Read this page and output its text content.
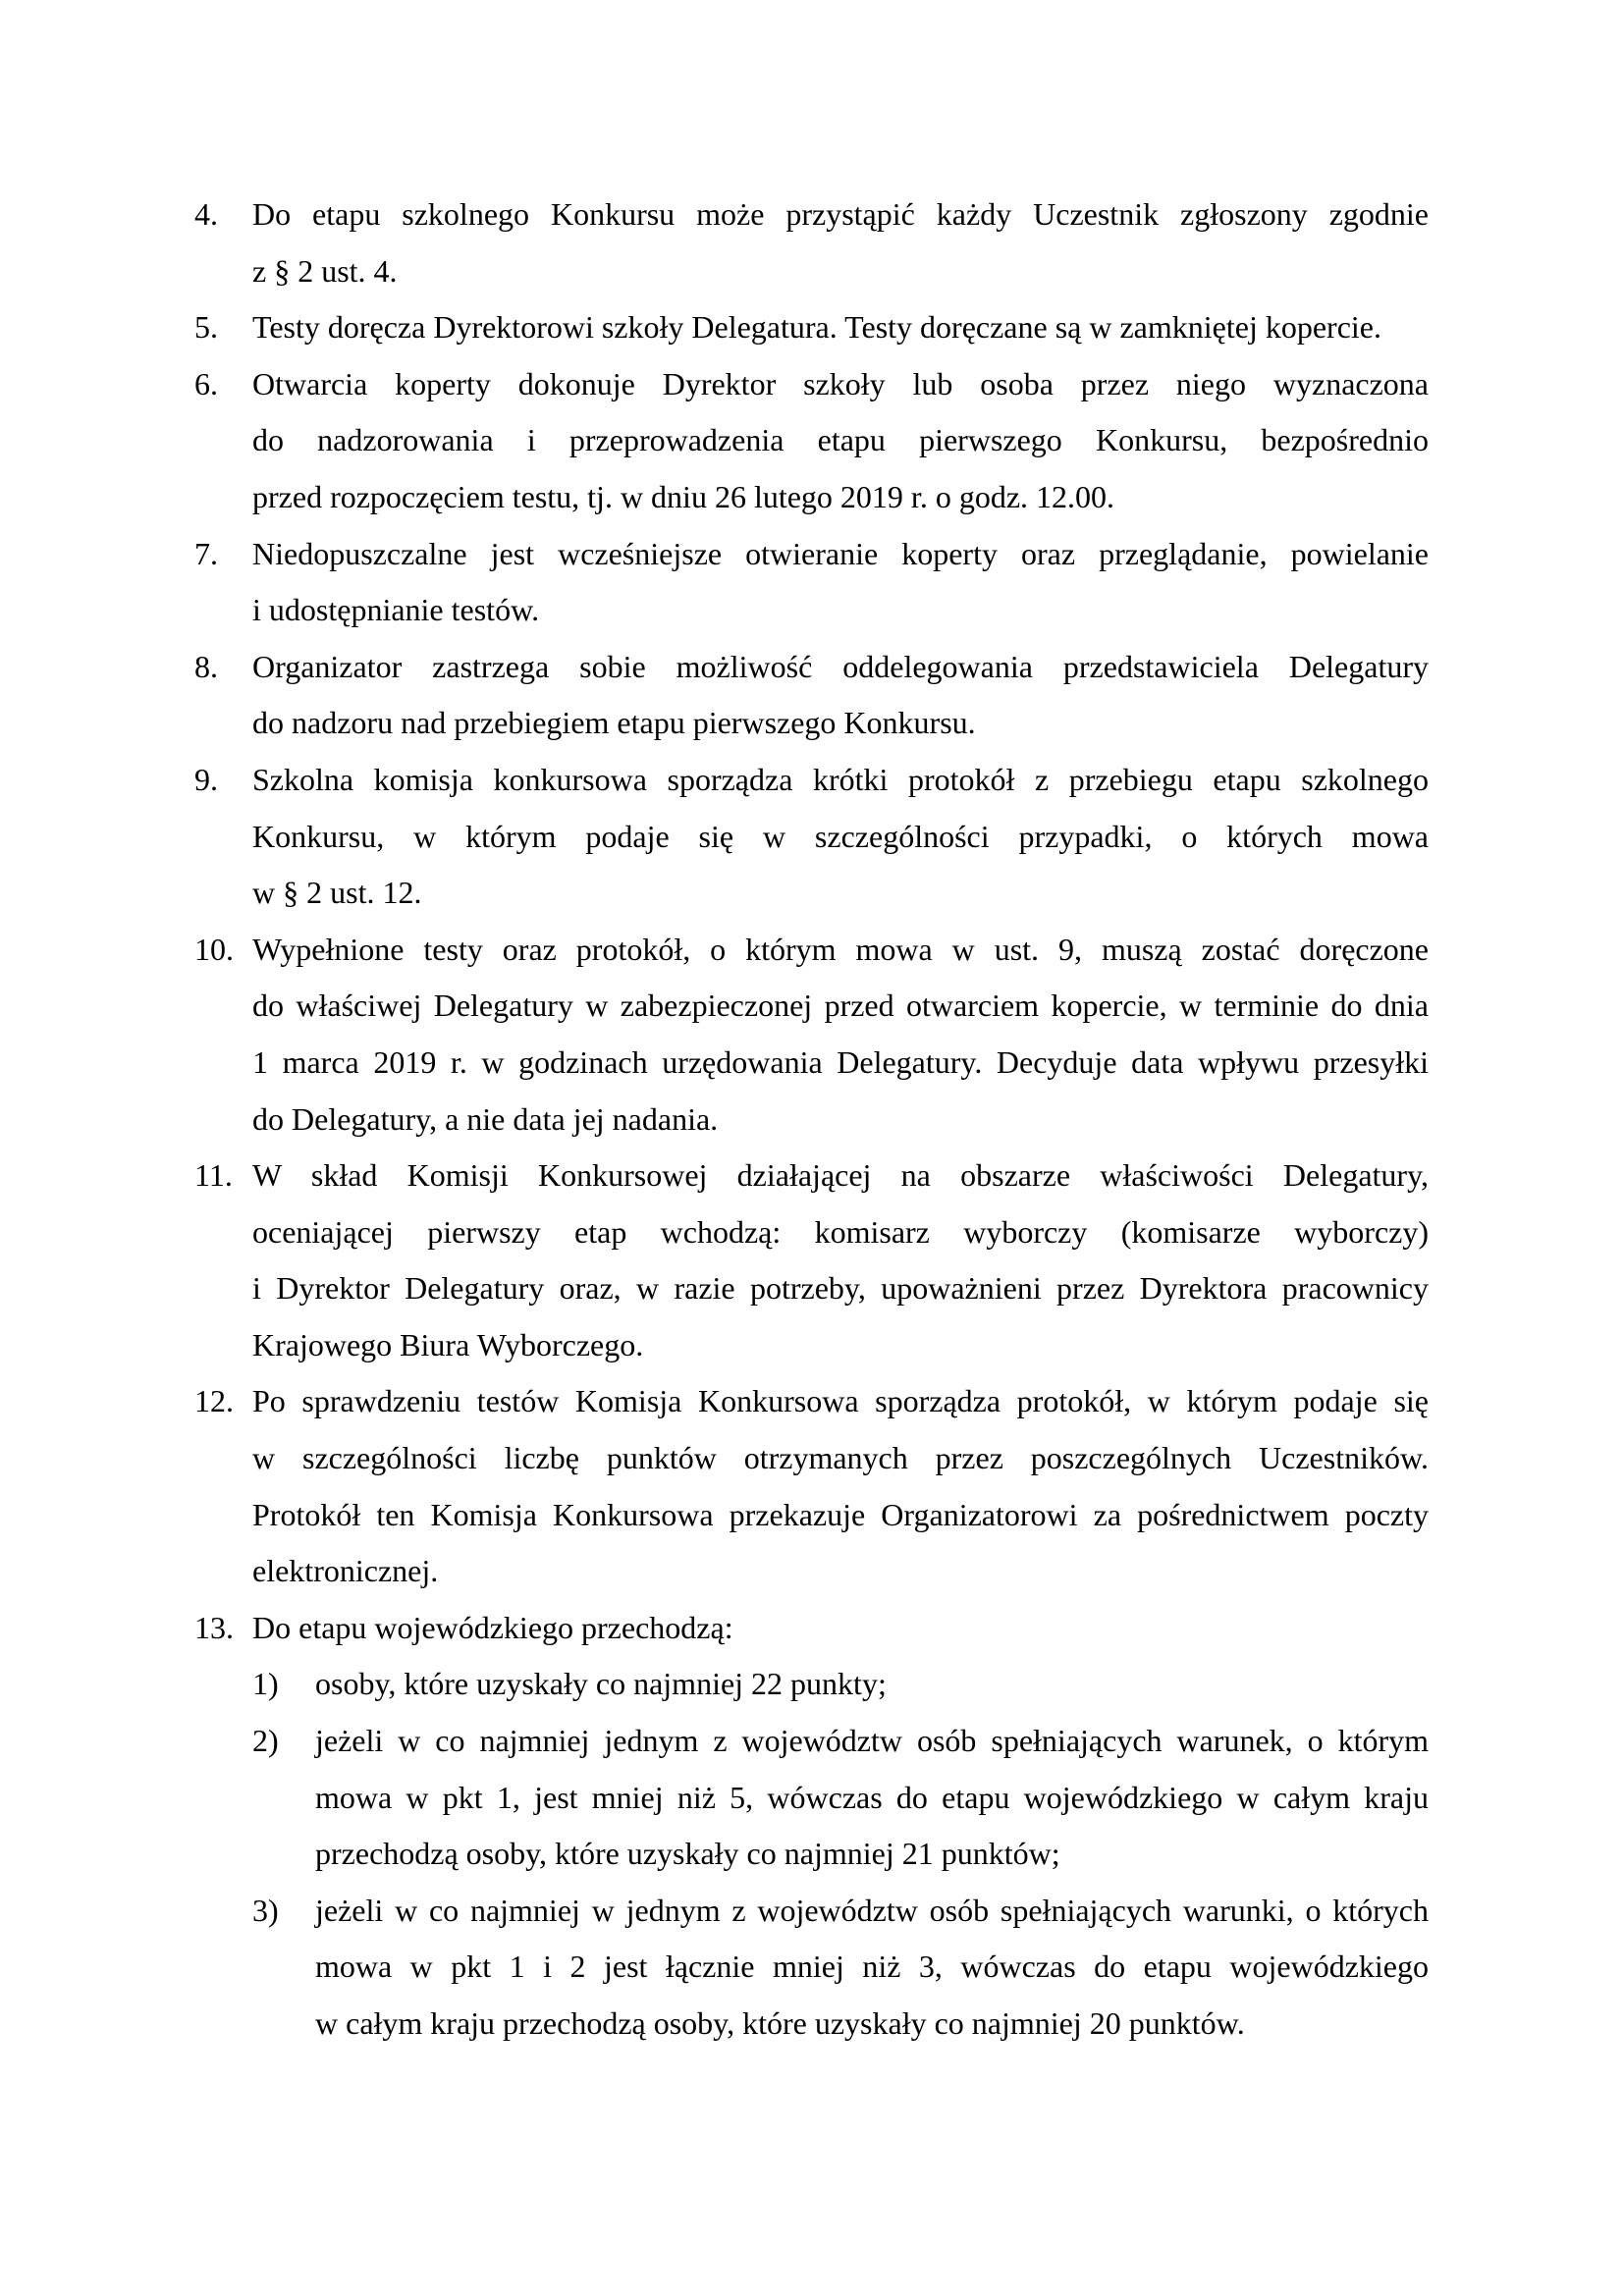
4. Do etapu szkolnego Konkursu może przystąpić każdy Uczestnik zgłoszony zgodnie
z § 2 ust. 4.
5. Testy doręcza Dyrektorowi szkoły Delegatura. Testy doręczane są w zamkniętej kopercie.
6. Otwarcia koperty dokonuje Dyrektor szkoły lub osoba przez niego wyznaczona
do nadzorowania i przeprowadzenia etapu pierwszego Konkursu, bezpośrednio
przed rozpoczęciem testu, tj. w dniu 26 lutego 2019 r. o godz. 12.00.
7. Niedopuszczalne jest wcześniejsze otwieranie koperty oraz przeglądanie, powielanie
i udostępnianie testów.
8. Organizator zastrzega sobie możliwość oddelegowania przedstawiciela Delegatury
do nadzoru nad przebiegiem etapu pierwszego Konkursu.
9. Szkolna komisja konkursowa sporządza krótki protokół z przebiegu etapu szkolnego
Konkursu, w którym podaje się w szczególności przypadki, o których mowa
w § 2 ust. 12.
10. Wypełnione testy oraz protokół, o którym mowa w ust. 9, muszą zostać doręczone
do właściwej Delegatury w zabezpieczonej przed otwarciem kopercie, w terminie do dnia
1 marca 2019 r. w godzinach urzędowania Delegatury. Decyduje data wpływu przesyłki
do Delegatury, a nie data jej nadania.
11. W skład Komisji Konkursowej działającej na obszarze właściwości Delegatury,
oceniającej pierwszy etap wchodzą: komisarz wyborczy (komisarze wyborczy)
i Dyrektor Delegatury oraz, w razie potrzeby, upoważnieni przez Dyrektora pracownicy
Krajowego Biura Wyborczego.
12. Po sprawdzeniu testów Komisja Konkursowa sporządza protokół, w którym podaje się
w szczególności liczbę punktów otrzymanych przez poszczególnych Uczestników.
Protokół ten Komisja Konkursowa przekazuje Organizatorowi za pośrednictwem poczty
elektronicznej.
13. Do etapu wojewódzkiego przechodzą:
1) osoby, które uzyskały co najmniej 22 punkty;
2) jeżeli w co najmniej jednym z województw osób spełniających warunek, o którym
mowa w pkt 1, jest mniej niż 5, wówczas do etapu wojewódzkiego w całym kraju
przechodzą osoby, które uzyskały co najmniej 21 punktów;
3) jeżeli w co najmniej w jednym z województw osób spełniających warunki, o których
mowa w pkt 1 i 2 jest łącznie mniej niż 3, wówczas do etapu wojewódzkiego
w całym kraju przechodzą osoby, które uzyskały co najmniej 20 punktów.
